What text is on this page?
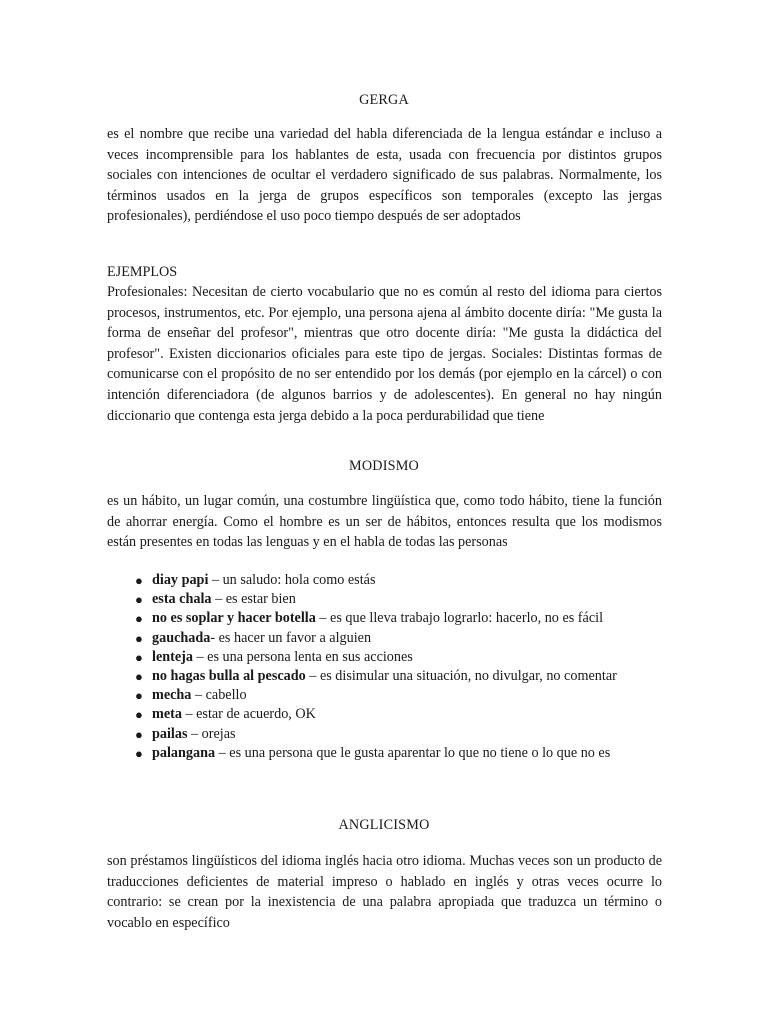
GERGA

es el nombre que recibe una variedad del habla diferenciada de la lengua estándar e incluso a veces incomprensible para los hablantes de esta, usada con frecuencia por distintos grupos sociales con intenciones de ocultar el verdadero significado de sus palabras. Normalmente, los términos usados en la jerga de grupos específicos son temporales (excepto las jergas profesionales), perdiéndose el uso poco tiempo después de ser adoptados

EJEMPLOS

Profesionales: Necesitan de cierto vocabulario que no es común al resto del idioma para ciertos procesos, instrumentos, etc. Por ejemplo, una persona ajena al ámbito docente diría: "Me gusta la forma de enseñar del profesor", mientras que otro docente diría: "Me gusta la didáctica del profesor". Existen diccionarios oficiales para este tipo de jergas. Sociales: Distintas formas de comunicarse con el propósito de no ser entendido por los demás (por ejemplo en la cárcel) o con intención diferenciadora (de algunos barrios y de adolescentes). En general no hay ningún diccionario que contenga esta jerga debido a la poca perdurabilidad que tiene

MODISMO

es un hábito, un lugar común, una costumbre lingüística que, como todo hábito, tiene la función de ahorrar energía. Como el hombre es un ser de hábitos, entonces resulta que los modismos están presentes en todas las lenguas y en el habla de todas las personas

● diay papi – un saludo: hola como estás
● esta chala – es estar bien
● no es soplar y hacer botella – es que lleva trabajo lograrlo: hacerlo, no es fácil
● gauchada- es hacer un favor a alguien
● lenteja – es una persona lenta en sus acciones
● no hagas bulla al pescado – es disimular una situación, no divulgar, no comentar
● mecha – cabello
● meta – estar de acuerdo, OK
● pailas – orejas
● palangana – es una persona que le gusta aparentar lo que no tiene o lo que no es
ANGLICISMO

son préstamos lingüísticos del idioma inglés hacia otro idioma. Muchas veces son un producto de traducciones deficientes de material impreso o hablado en inglés y otras veces ocurre lo contrario: se crean por la inexistencia de una palabra apropiada que traduzca un término o vocablo en específico
